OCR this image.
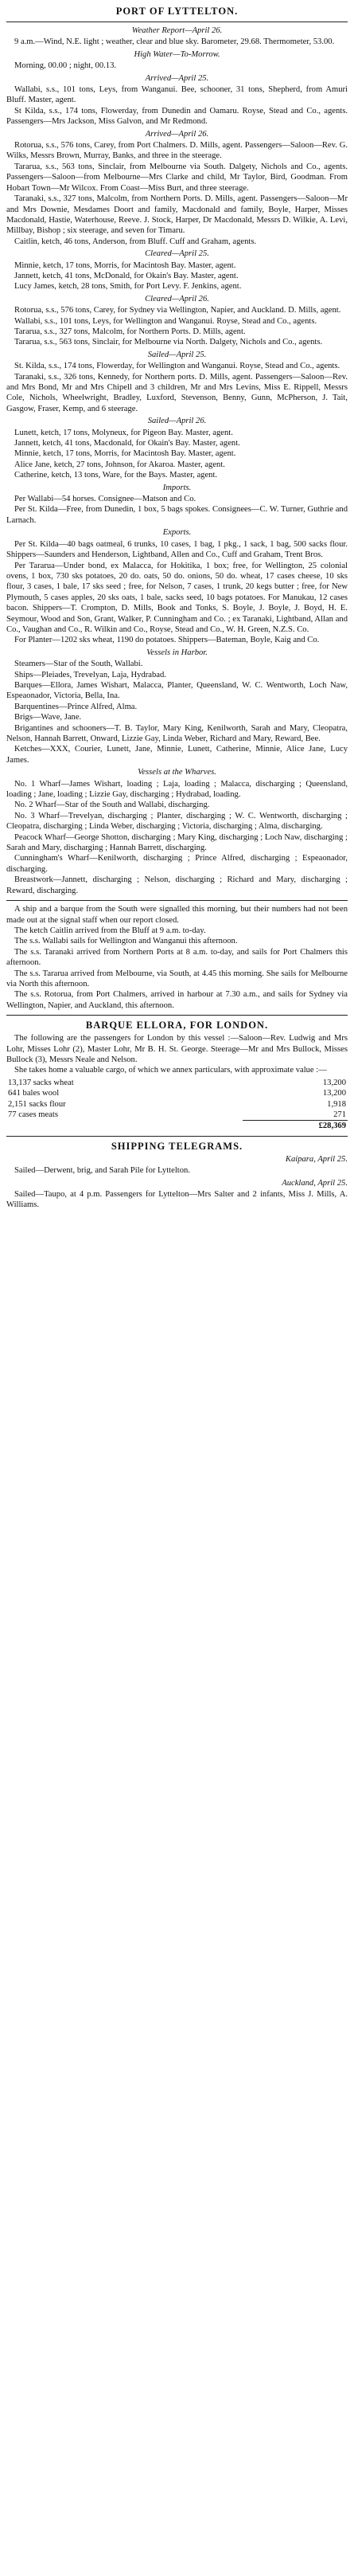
PORT OF LYTTELTON.
Weather Report—April 26.

9 a.m.—Wind, N.E. light ; weather, clear and blue sky. Barometer, 29.68. Thermometer, 53.00.

High Water—To-Morrow.

Morning, 00.00 ; night, 00.13.

Arrived—April 25.

Wallabi, s.s., 101 tons, Leys, from Wanganui. Bee, schooner, 31 tons, Shepherd, from Amuri Bluff. Master, agent.

St Kilda, s.s., 174 tons, Flowerday, from Dunedin and Oamaru. Royse, Stead and Co., agents. Passengers—Mrs Jackson, Miss Galvon, and Mr Redmond.

Arrived—April 26.

Rotorua, s.s., 576 tons, Carey, from Port Chalmers. D. Mills, agent. Passengers—Saloon—Rev. G. Wilks, Messrs Brown, Murray, Banks, and three in the steerage.

Tararua, s.s., 563 tons, Sinclair, from Melbourne via South. Dalgety, Nichols and Co., agents. Passengers—Saloon—from Melbourne—Mrs Clarke and child, Mr Taylor, Bird, Goodman. From Hobart Town—Mr Wilcox. From Coast—Miss Burt, and three steerage.

Taranaki, s.s., 327 tons, Malcolm, from Northern Ports. D. Mills, agent. Passengers—Saloon—Mr and Mrs Downie, Mesdames Doort and family, Macdonald and family, Boyle, Harper, Misses Macdonald, Hastie, Waterhouse, Reeve. J. Stock, Harper, Dr Macdonald, Messrs D. Wilkie, A. Levi, Millbay, Bishop ; six steerage, and seven for Timaru.

Caitlin, ketch, 46 tons, Anderson, from Bluff. Cuff and Graham, agents.

Cleared—April 25.

Minnie, ketch, 17 tons, Morris, for Macintosh Bay. Master, agent.

Jannett, ketch, 41 tons, McDonald, for Okain's Bay. Master, agent.

Lucy James, ketch, 28 tons, Smith, for Port Levy. F. Jenkins, agent.

Cleared—April 26.

Rotorua, s.s., 576 tons, Carey, for Sydney via Wellington, Napier, and Auckland. D. Mills, agent.

Wallabi, s.s., 101 tons, Leys, for Wellington and Wanganui. Royse, Stead and Co., agents.

Tararua, s.s., 327 tons, Malcolm, for Northern Ports. D. Mills, agent.

Tararua, s.s., 563 tons, Sinclair, for Melbourne via North. Dalgety, Nichols and Co., agents.

Sailed—April 25.

St. Kilda, s.s., 174 tons, Flowerday, for Wellington and Wanganui. Royse, Stead and Co., agents.

Taranaki, s.s., 326 tons, Kennedy, for Northern ports. D. Mills, agent. Passengers—Saloon—Rev. and Mrs Bond, Mr and Mrs Chipell and 3 children, Mr and Mrs Levins, Miss E. Rippell, Messrs Cole, Nichols, Wheelwright, Bradley, Luxford, Stevenson, Benny, Gunn, McPherson, J. Tait, Gasgow, Fraser, Kemp, and 6 steerage.

Sailed—April 26.

Lunett, ketch, 17 tons, Molyneux, for Pigeon Bay. Master, agent.

Jannett, ketch, 41 tons, Macdonald, for Okain's Bay. Master, agent.

Minnie, ketch, 17 tons, Morris, for Macintosh Bay. Master, agent.

Alice Jane, ketch, 27 tons, Johnson, for Akaroa. Master, agent.

Catherine, ketch, 13 tons, Ware, for the Bays. Master, agent.

Imports.

Per Wallabi—54 horses. Consignee—Matson and Co.

Per St. Kilda—Free, from Dunedin, 1 box, 5 bags spokes. Consignees—C. W. Turner, Guthrie and Larnach.

Exports.

Per St. Kilda—40 bags oatmeal, 6 trunks, 10 cases, 1 bag, 1 pkg., 1 sack, 1 bag, 500 sacks flour. Shippers—Saunders and Henderson, Lightband, Allen and Co., Cuff and Graham, Trent Bros.

Per Tararua—Under bond, ex Malacca, for Hokitika, 1 box; free, for Wellington, 25 colonial ovens, 1 box, 730 sks potatoes, 20 do. oats, 50 do. onions, 50 do. wheat, 17 cases cheese, 10 sks flour, 3 cases, 1 bale, 17 sks seed ; free, for Nelson, 7 cases, 1 trunk, 20 kegs butter ; free, for New Plymouth, 5 cases apples, 20 sks oats, 1 bale, sacks seed, 10 bags potatoes. For Manukau, 12 cases bacon. Shippers—T. Crompton, D. Mills, Book and Tonks, S. Boyle, J. Boyle, J. Boyd, H. E. Seymour, Wood and Son, Grant, Walker, P. Cunningham and Co. ; ex Taranaki, Lightband, Allan and Co., Vaughan and Co., R. Wilkin and Co., Royse, Stead and Co., W. H. Green, N.Z.S. Co.

For Planter—1202 sks wheat, 1190 do potatoes. Shippers—Bateman, Boyle, Kaig and Co.

Vessels in Harbor.

Steamers—Star of the South, Wallabi.

Ships—Pleiades, Trevelyan, Laja, Hydrabad.

Barques—Ellora, James Wishart, Malacca, Planter, Queensland, W. C. Wentworth, Loch Naw, Espeaonador, Victoria, Bella, Ina.

Barquentines—Prince Alfred, Alma.

Brigs—Wave, Jane.

Brigantines and schooners—T. B. Taylor, Mary King, Kenilworth, Sarah and Mary, Cleopatra, Nelson, Hannah Barrett, Onward, Lizzie Gay, Linda Weber, Richard and Mary, Reward, Bee.

Ketches—XXX, Courier, Lunett, Jane, Minnie, Lunett, Catherine, Minnie, Alice Jane, Lucy James.

Vessels at the Wharves.

No. 1 Wharf—James Wishart, loading ; Laja, loading ; Malacca, discharging ; Queensland, loading ; Jane, loading ; Lizzie Gay, discharging ; Hydrabad, loading.

No. 2 Wharf—Star of the South and Wallabi, discharging.

No. 3 Wharf—Trevelyan, discharging ; Planter, discharging ; W. C. Wentworth, discharging ; Cleopatra, discharging ; Linda Weber, discharging ; Victoria, discharging ; Alma, discharging.

Peacock Wharf—George Shotton, discharging ; Mary King, discharging ; Loch Naw, discharging ; Sarah and Mary, discharging ; Hannah Barrett, discharging.

Cunningham's Wharf—Kenilworth, discharging ; Prince Alfred, discharging ; Espeaonador, discharging.

Breastwork—Jannett, discharging ; Nelson, discharging ; Richard and Mary, discharging ; Reward, discharging.

A ship and a barque from the South were signalled this morning, but their numbers had not been made out at the signal staff when our report closed.

The ketch Caitlin arrived from the Bluff at 9 a.m. to-day.

The s.s. Wallabi sails for Wellington and Wanganui this afternoon.

The s.s. Taranaki arrived from Northern Ports at 8 a.m. to-day, and sails for Port Chalmers this afternoon.

The s.s. Tararua arrived from Melbourne, via South, at 4.45 this morning. She sails for Melbourne via North this afternoon.

The s.s. Rotorua, from Port Chalmers, arrived in harbour at 7.30 a.m., and sails for Sydney via Wellington, Napier, and Auckland, this afternoon.

BARQUE ELLORA, FOR LONDON.

The following are the passengers for London by this vessel :—Saloon—Rev. Ludwig and Mrs Lohr, Misses Lohr (2), Master Lohr, Mr B. H. St. George. Steerage—Mr and Mrs Bullock, Misses Bullock (3), Messrs Neale and Nelson.

She takes home a valuable cargo, of which we annex particulars, with approximate value :—

13,137 sacks wheat	13,200
641 bales wool	13,200
2,151 sacks flour	1,918
77 cases meats	271
	£28,369
SHIPPING TELEGRAMS.
Kaipara, April 25.

Sailed—Derwent, brig, and Sarah Pile for Lyttelton.

Auckland, April 25.

Sailed—Taupo, at 4 p.m. Passengers for Lyttelton—Mrs Salter and 2 infants, Miss J. Mills, A. Williams.
